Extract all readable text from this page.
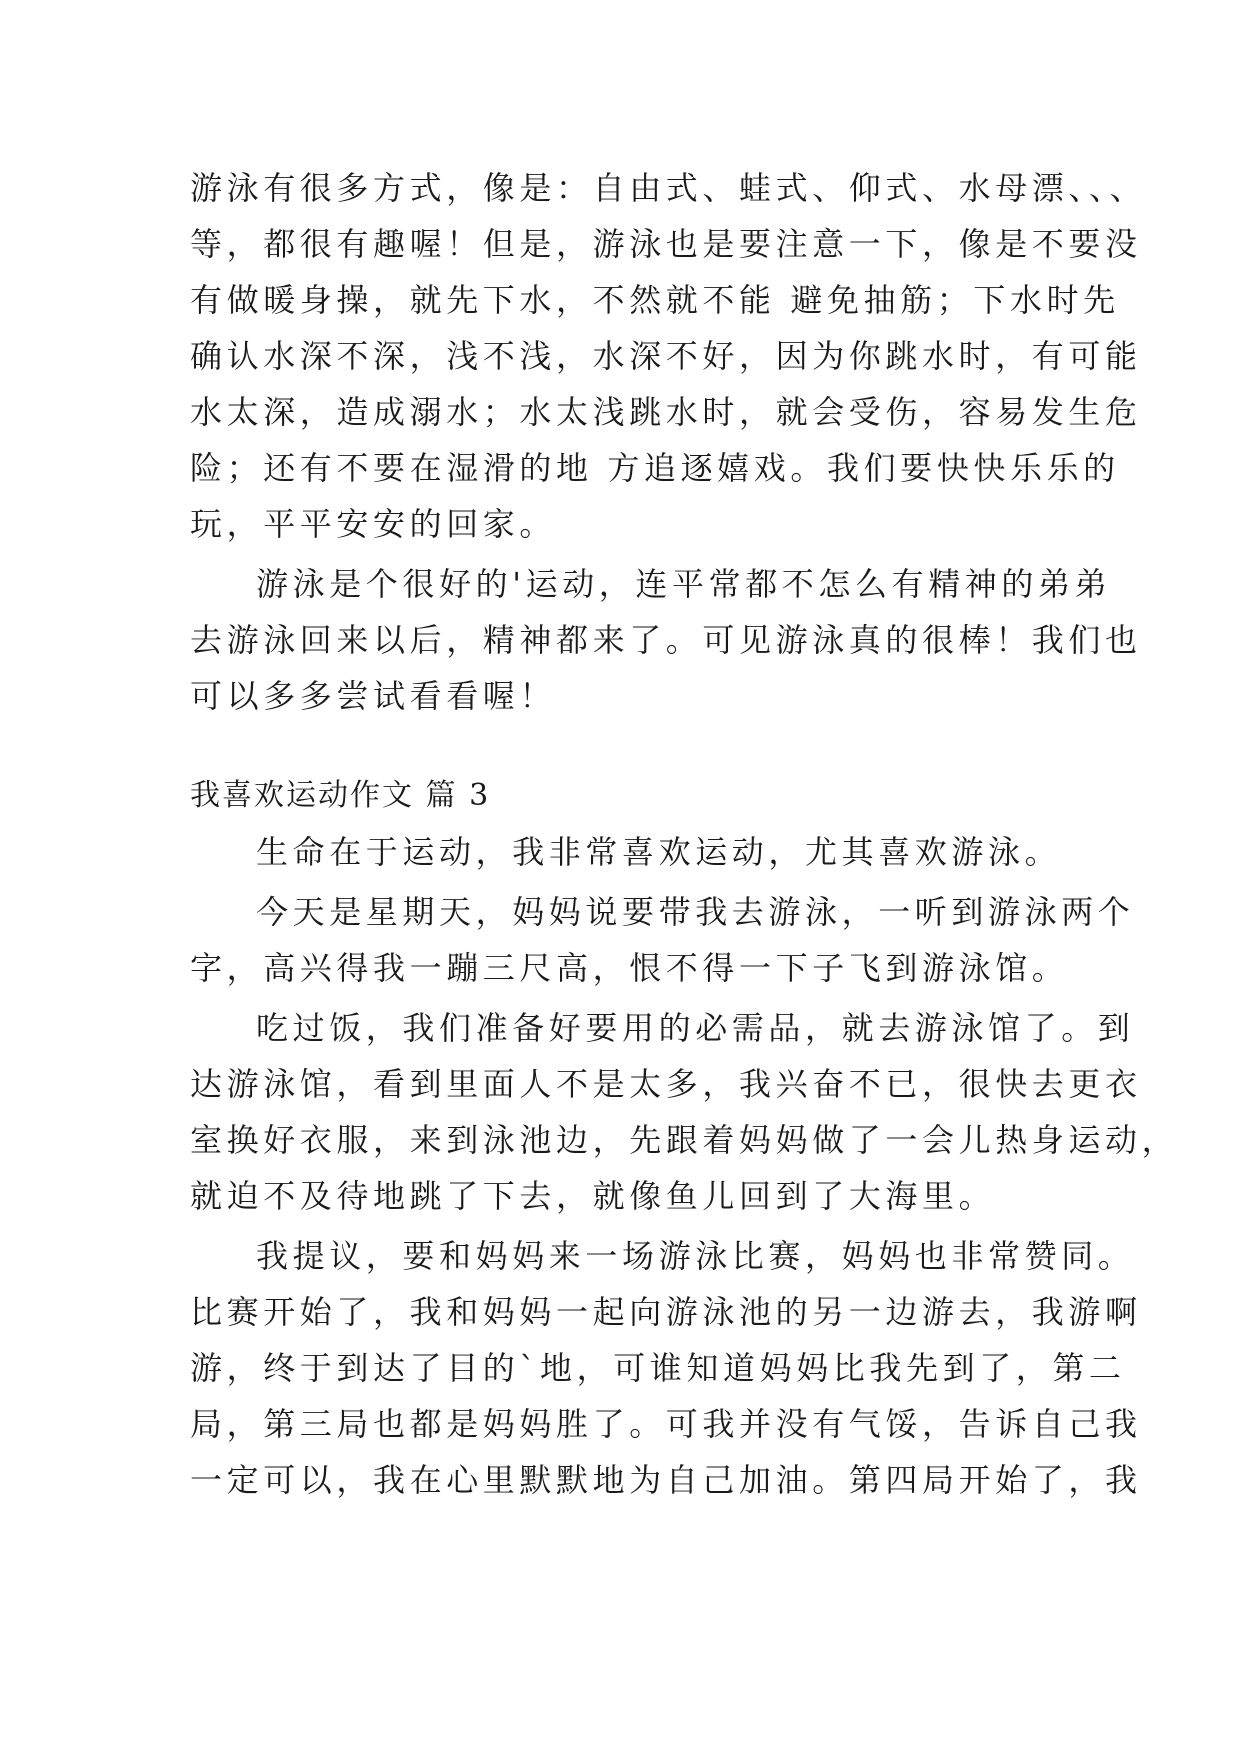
游泳有很多方式，像是：自由式、蛙式、仰式、水母漂、、、
等，都很有趣喔！但是，游泳也是要注意一下，像是不要没
有做暖身操，就先下水，不然就不能 避免抽筋；下水时先
确认水深不深，浅不浅，水深不好，因为你跳水时，有可能
水太深，造成溺水；水太浅跳水时，就会受伤，容易发生危
险；还有不要在湿滑的地 方追逐嬉戏。我们要快快乐乐的
玩，平平安安的回家。
游泳是个很好的'运动，连平常都不怎么有精神的弟弟
去游泳回来以后，精神都来了。可见游泳真的很棒！我们也
可以多多尝试看看喔！
我喜欢运动作文 篇 3
生命在于运动，我非常喜欢运动，尤其喜欢游泳。
今天是星期天，妈妈说要带我去游泳，一听到游泳两个
字，高兴得我一蹦三尺高，恨不得一下子飞到游泳馆。
吃过饭，我们准备好要用的必需品，就去游泳馆了。到
达游泳馆，看到里面人不是太多，我兴奋不已，很快去更衣
室换好衣服，来到泳池边，先跟着妈妈做了一会儿热身运动，
就迫不及待地跳了下去，就像鱼儿回到了大海里。
我提议，要和妈妈来一场游泳比赛，妈妈也非常赞同。
比赛开始了，我和妈妈一起向游泳池的另一边游去，我游啊
游，终于到达了目的`地，可谁知道妈妈比我先到了，第二
局，第三局也都是妈妈胜了。可我并没有气馁，告诉自己我
一定可以，我在心里默默地为自己加油。第四局开始了，我
